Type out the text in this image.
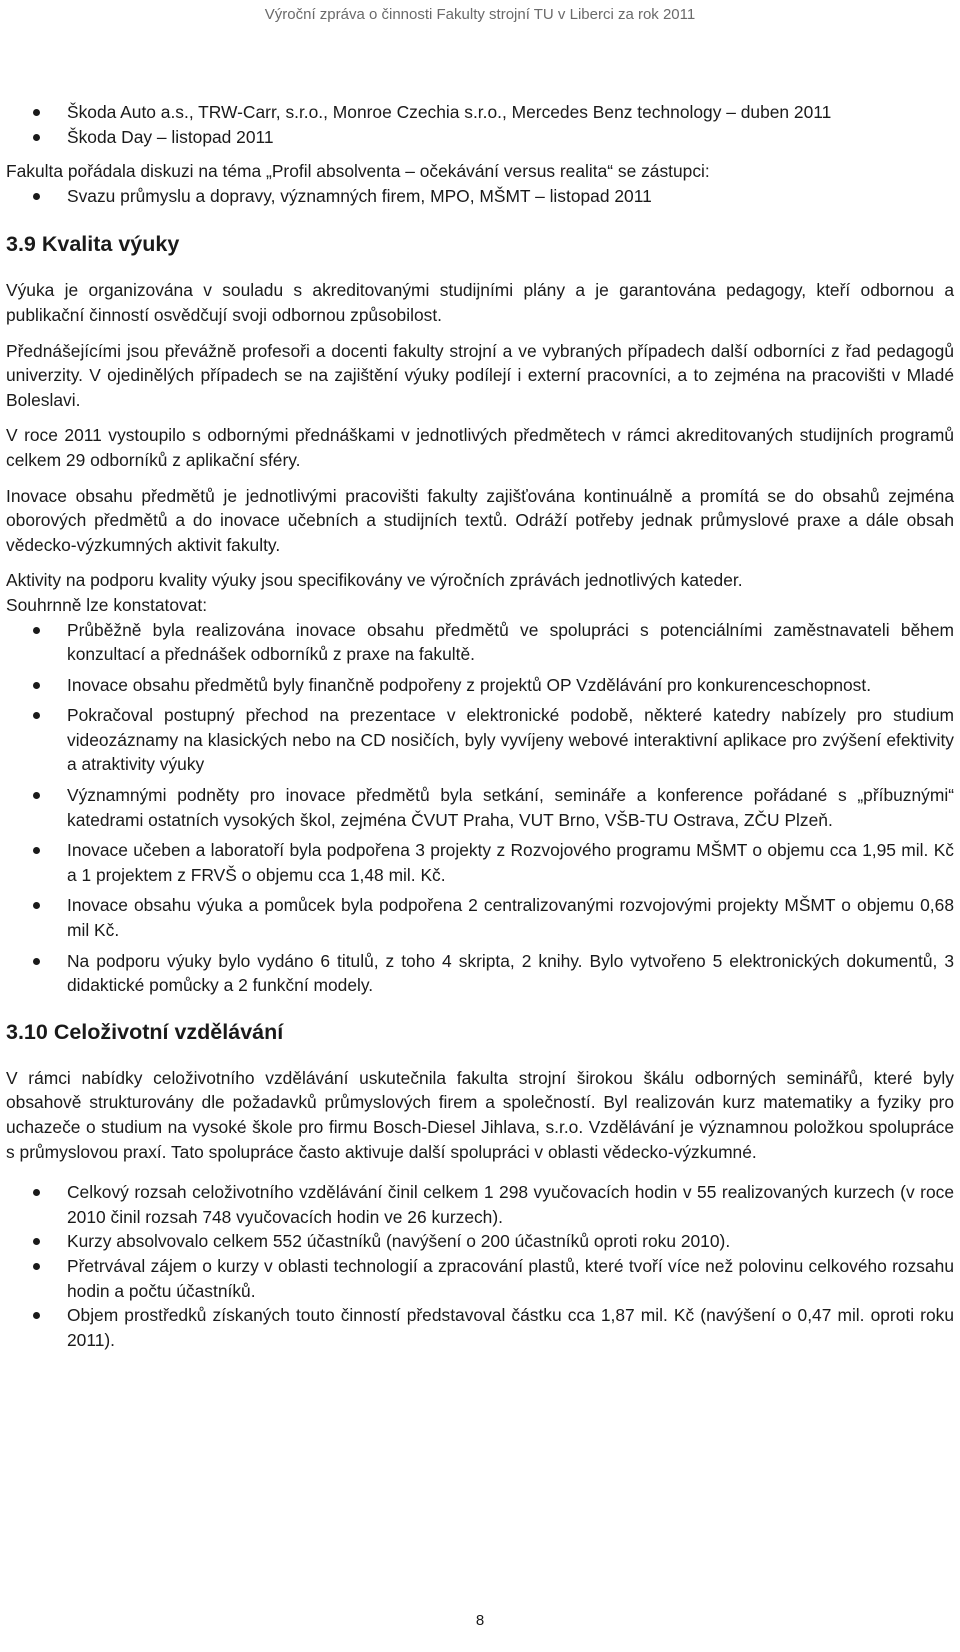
Výroční zpráva o činnosti Fakulty strojní TU v Liberci za rok 2011
Škoda Auto a.s., TRW-Carr, s.r.o., Monroe Czechia s.r.o., Mercedes Benz technology – duben 2011
Škoda Day – listopad 2011

Fakulta pořádala diskuzi na téma „Profil absolventa – očekávání versus realita“ se zástupci:

Svazu průmyslu a dopravy, významných firem, MPO, MŠMT – listopad 2011
3.9 Kvalita výuky

Výuka je organizována v souladu s akreditovanými studijními plány a je garantována pedagogy, kteří odbornou a publikační činností osvědčují svoji odbornou způsobilost.

Přednášejícími jsou převážně profesoři a docenti fakulty strojní a ve vybraných případech další odborníci z řad pedagogů univerzity. V ojedinělých případech se na zajištění výuky podílejí i externí pracovníci, a to zejména na pracovišti v Mladé Boleslavi.

V roce 2011 vystoupilo s odbornými přednáškami v jednotlivých předmětech v rámci akreditovaných studijních programů celkem 29 odborníků z aplikační sféry.

Inovace obsahu předmětů je jednotlivými pracovišti fakulty zajišťována kontinuálně a promítá se do obsahů zejména oborových předmětů a do inovace učebních a studijních textů. Odráží potřeby jednak průmyslové praxe a dále obsah vědecko-výzkumných aktivit fakulty.

Aktivity na podporu kvality výuky jsou specifikovány ve výročních zprávách jednotlivých kateder.
Souhrnně lze konstatovat:

Průběžně byla realizována inovace obsahu předmětů ve spolupráci s potenciálními zaměstnavateli během konzultací a přednášek odborníků z praxe na fakultě.
Inovace obsahu předmětů byly finančně podpořeny z projektů OP Vzdělávání pro konkurenceschopnost.
Pokračoval postupný přechod na prezentace v elektronické podobě, některé katedry nabízely pro studium videozáznamy na klasických nebo na CD nosičích, byly vyvíjeny webové interaktivní aplikace pro zvýšení efektivity a atraktivity výuky
Významnými podněty pro inovace předmětů byla setkání, semináře a konference pořádané s „příbuznými“ katedrami ostatních vysokých škol, zejména ČVUT Praha, VUT Brno, VŠB-TU Ostrava, ZČU Plzeň.
Inovace učeben a laboratoří byla podpořena 3 projekty z Rozvojového programu MŠMT o objemu cca 1,95 mil. Kč a 1 projektem z FRVŠ o objemu cca 1,48 mil. Kč.
Inovace obsahu výuka a pomůcek byla podpořena 2 centralizovanými rozvojovými projekty MŠMT o objemu 0,68 mil Kč.
Na podporu výuky bylo vydáno 6 titulů, z toho 4 skripta, 2 knihy. Bylo vytvořeno 5 elektronických dokumentů, 3 didaktické pomůcky a 2 funkční modely.
3.10 Celoživotní vzdělávání

V rámci nabídky celoživotního vzdělávání uskutečnila fakulta strojní širokou škálu odborných seminářů, které byly obsahově strukturovány dle požadavků průmyslových firem a společností. Byl realizován kurz matematiky a fyziky pro uchazeče o studium na vysoké škole pro firmu Bosch-Diesel Jihlava, s.r.o. Vzdělávání je významnou položkou spolupráce s průmyslovou praxí. Tato spolupráce často aktivuje další spolupráci v oblasti vědecko-výzkumné.

Celkový rozsah celoživotního vzdělávání činil celkem 1 298 vyučovacích hodin v 55 realizovaných kurzech (v roce 2010 činil rozsah 748 vyučovacích hodin ve 26 kurzech).
Kurzy absolvovalo celkem 552 účastníků (navýšení o 200 účastníků oproti roku 2010).
Přetrvával zájem o kurzy v oblasti technologií a zpracování plastů, které tvoří více než polovinu celkového rozsahu hodin a počtu účastníků.
Objem prostředků získaných touto činností představoval částku cca 1,87 mil. Kč (navýšení o 0,47 mil. oproti roku 2011).
8
